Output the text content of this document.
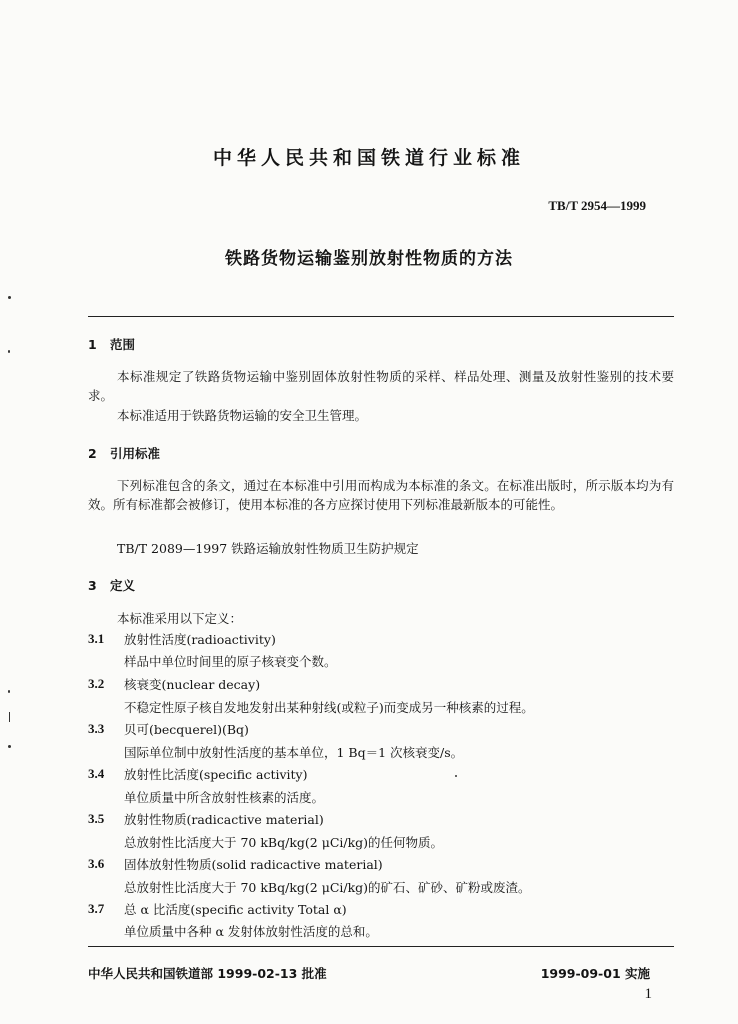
中华人民共和国铁道行业标准
TB/T 2954—1999
铁路货物运输鉴别放射性物质的方法
1 范围
本标准规定了铁路货物运输中鉴别固体放射性物质的采样、样品处理、测量及放射性鉴别的技术要求。
本标准适用于铁路货物运输的安全卫生管理。
2 引用标准
下列标准包含的条文，通过在本标准中引用而构成为本标准的条文。在标准出版时，所示版本均为有效。所有标准都会被修订，使用本标准的各方应探讨使用下列标准最新版本的可能性。
TB/T 2089—1997 铁路运输放射性物质卫生防护规定
3 定义
本标准采用以下定义：
3.1 放射性活度(radioactivity)
样品中单位时间里的原子核衰变个数。
3.2 核衰变(nuclear decay)
不稳定性原子核自发地发射出某种射线(或粒子)而变成另一种核素的过程。
3.3 贝可(becquerel)(Bq)
国际单位制中放射性活度的基本单位，1 Bq＝1 次核衰变/s。
3.4 放射性比活度(specific activity)
单位质量中所含放射性核素的活度。
3.5 放射性物质(radicactive material)
总放射性比活度大于 70 kBq/kg(2 μCi/kg)的任何物质。
3.6 固体放射性物质(solid radicactive material)
总放射性比活度大于 70 kBq/kg(2 μCi/kg)的矿石、矿砂、矿粉或废渣。
3.7 总 α 比活度(specific activity Total α)
单位质量中各种 α 发射体放射性活度的总和。
中华人民共和国铁道部 1999-02-13 批准	1999-09-01 实施
1
